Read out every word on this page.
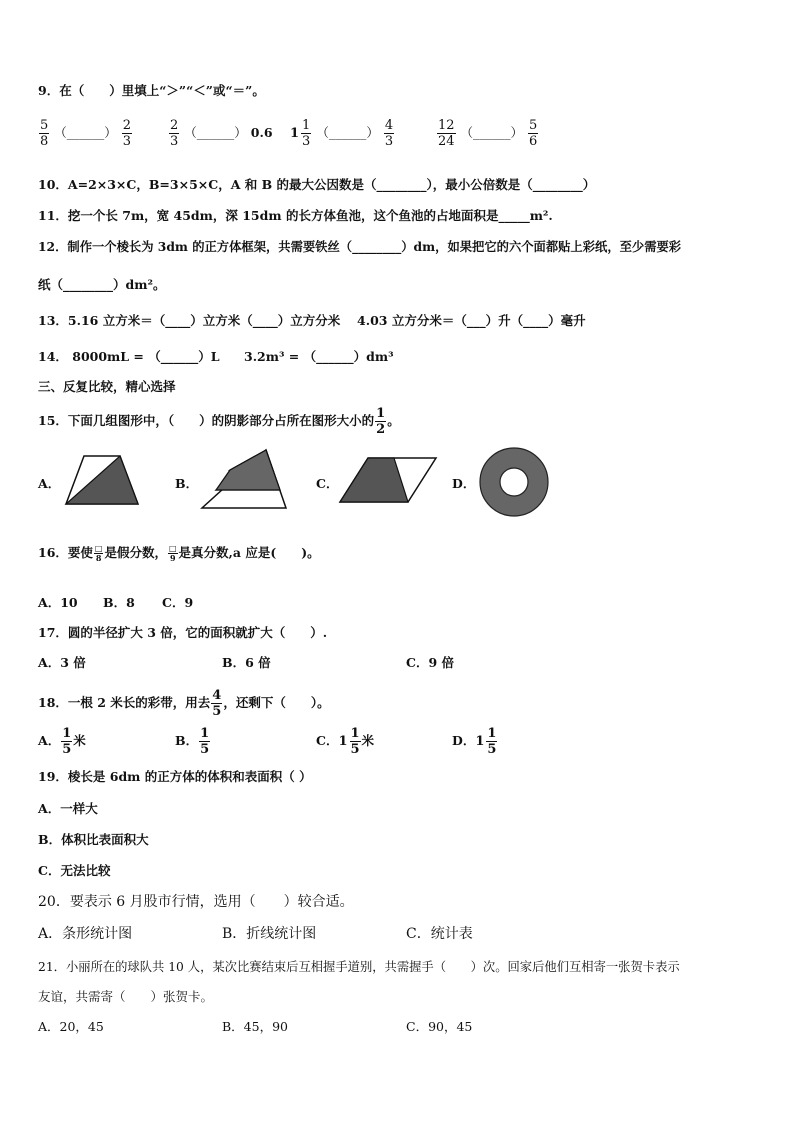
9．在（　　）里填上“＞”“＜”或“＝”。
$\frac{5}{8}$ （______） $\frac{2}{3}$	$\frac{2}{3}$ （______） 0.6 $1 \frac{1}{3}$ （______） $\frac{4}{3}$	$\frac{12}{24}$ （______） $\frac{5}{6}$
10．A=2×3×C，B=3×5×C，A 和 B 的最大公因数是（________），最小公倍数是（________）
11．挖一个长 7m，宽 45dm，深 15dm 的长方体鱼池，这个鱼池的占地面积是_____m².
12．制作一个棱长为 3dm 的正方体框架，共需要铁丝（________）dm，如果把它的六个面都贴上彩纸，至少需要彩
纸（________）dm²。
13．5.16 立方米＝（____）立方米（____）立方分米　 4.03 立方分米＝（___）升（____）毫升
14． 8000mL = （______）L 3.2m³ = （______）dm³
三、反复比较，精心选择
15．下面几组图形中，（　　）的阴影部分占所在图形大小的 $\frac{1}{2}$ 。
A．	B．	C．	D．
16．要使 $\frac{□}{8}$ 是假分数， $\frac{□}{9}$ 是真分数,a 应是(　　)。
A．10 B．8 C．9
17．圆的半径扩大 3 倍，它的面积就扩大（　　）.
A．3 倍	B．6 倍	C．9 倍
18．一根 2 米长的彩带，用去 $\frac{4}{5}$ ，还剩下（　　）。
A． $\frac{1}{5}$ 米	B． $\frac{1}{5}$	C． $1 \frac{1}{5}$ 米	D． $1 \frac{1}{5}$
19．棱长是 6dm 的正方体的体积和表面积（ ）
A．一样大
B．体积比表面积大
C．无法比较
20．要表示 6 月股市行情，选用（　　）较合适。
A．条形统计图	B．折线统计图	C．统计表
21．小丽所在的球队共 10 人，某次比赛结束后互相握手道别，共需握手（　　）次。回家后他们互相寄一张贺卡表示
友谊，共需寄（　　）张贺卡。
A．20，45	B．45，90	C．90，45
